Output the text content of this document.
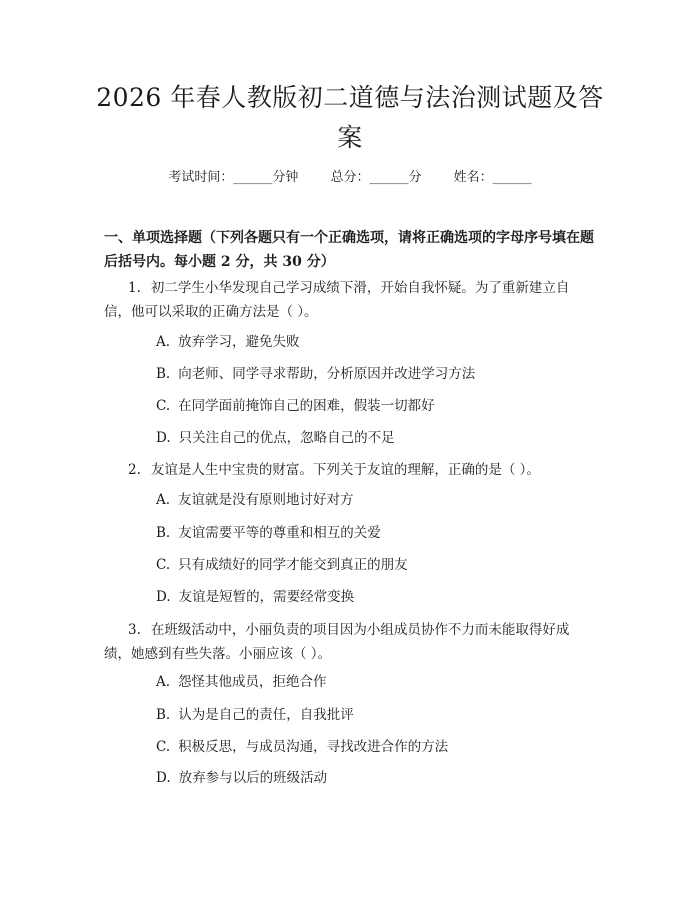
2026 年春人教版初二道德与法治测试题及答
案
考试时间：______分钟 总分：______分 姓名：______
一、单项选择题（下列各题只有一个正确选项，请将正确选项的字母序号填在题
后括号内。每小题 2 分，共 30 分）
1. 初二学生小华发现自己学习成绩下滑，开始自我怀疑。为了重新建立自
信，他可以采取的正确方法是（ ）。
A. 放弃学习，避免失败
B. 向老师、同学寻求帮助，分析原因并改进学习方法
C. 在同学面前掩饰自己的困难，假装一切都好
D. 只关注自己的优点，忽略自己的不足
2. 友谊是人生中宝贵的财富。下列关于友谊的理解，正确的是（ ）。
A. 友谊就是没有原则地讨好对方
B. 友谊需要平等的尊重和相互的关爱
C. 只有成绩好的同学才能交到真正的朋友
D. 友谊是短暂的，需要经常变换
3. 在班级活动中，小丽负责的项目因为小组成员协作不力而未能取得好成
绩，她感到有些失落。小丽应该（ ）。
A. 怨怪其他成员，拒绝合作
B. 认为是自己的责任，自我批评
C. 积极反思，与成员沟通，寻找改进合作的方法
D. 放弃参与以后的班级活动
